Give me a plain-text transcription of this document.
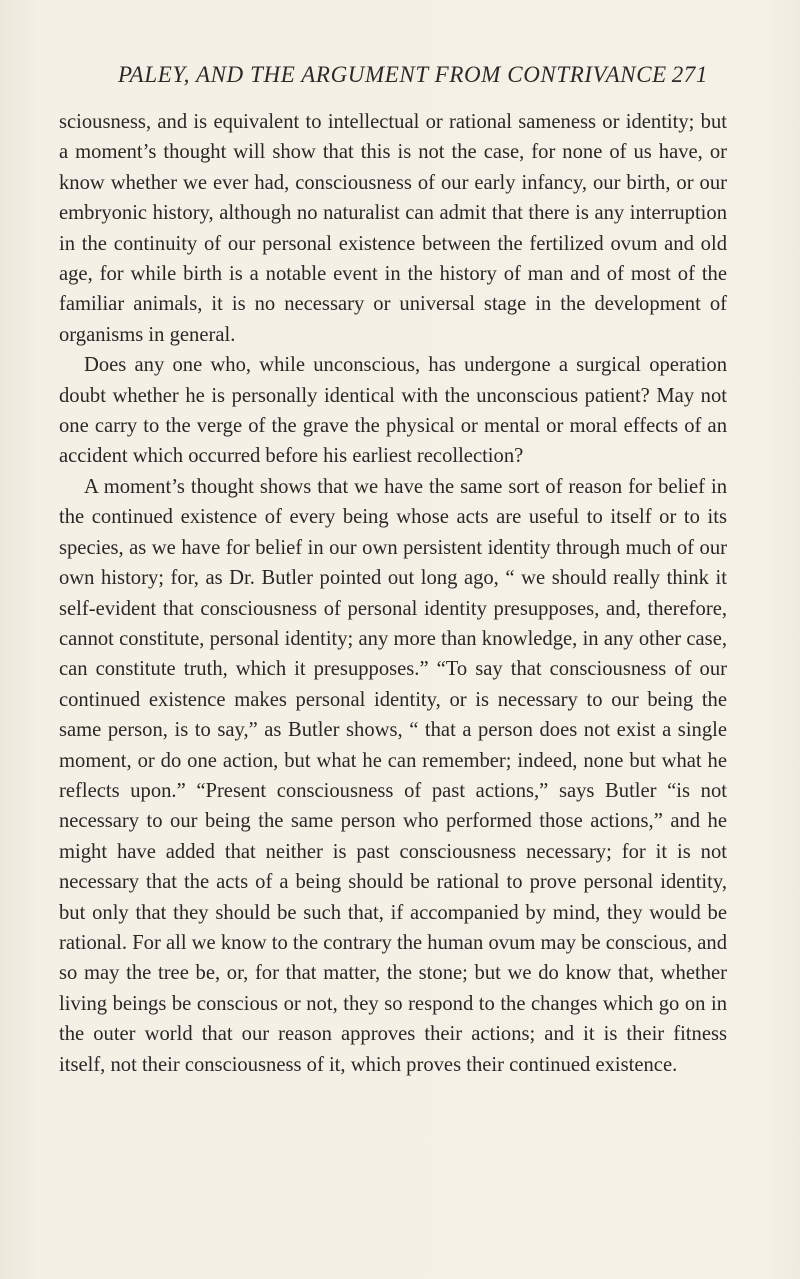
PALEY, AND THE ARGUMENT FROM CONTRIVANCE 271

sciousness, and is equivalent to intellectual or rational sameness or identity; but a moment’s thought will show that this is not the case, for none of us have, or know whether we ever had, consciousness of our early infancy, our birth, or our embryonic history, although no naturalist can admit that there is any interruption in the continuity of our personal existence between the fertilized ovum and old age, for while birth is a notable event in the history of man and of most of the familiar animals, it is no necessary or universal stage in the development of organisms in general.

Does any one who, while unconscious, has undergone a surgical operation doubt whether he is personally identical with the unconscious patient? May not one carry to the verge of the grave the physical or mental or moral effects of an accident which occurred before his earliest recollection?

A moment’s thought shows that we have the same sort of reason for belief in the continued existence of every being whose acts are useful to itself or to its species, as we have for belief in our own persistent identity through much of our own history; for, as Dr. Butler pointed out long ago, “ we should really think it self-evident that consciousness of personal identity presupposes, and, therefore, cannot constitute, personal identity; any more than knowledge, in any other case, can constitute truth, which it presupposes.” “To say that consciousness of our continued existence makes personal identity, or is necessary to our being the same person, is to say,” as Butler shows, “ that a person does not exist a single moment, or do one action, but what he can remember; indeed, none but what he reflects upon.” “Present consciousness of past actions,” says Butler “is not necessary to our being the same person who performed those actions,” and he might have added that neither is past consciousness necessary; for it is not necessary that the acts of a being should be rational to prove personal identity, but only that they should be such that, if accompanied by mind, they would be rational. For all we know to the contrary the human ovum may be conscious, and so may the tree be, or, for that matter, the stone; but we do know that, whether living beings be conscious or not, they so respond to the changes which go on in the outer world that our reason approves their actions; and it is their fitness itself, not their consciousness of it, which proves their continued existence.
